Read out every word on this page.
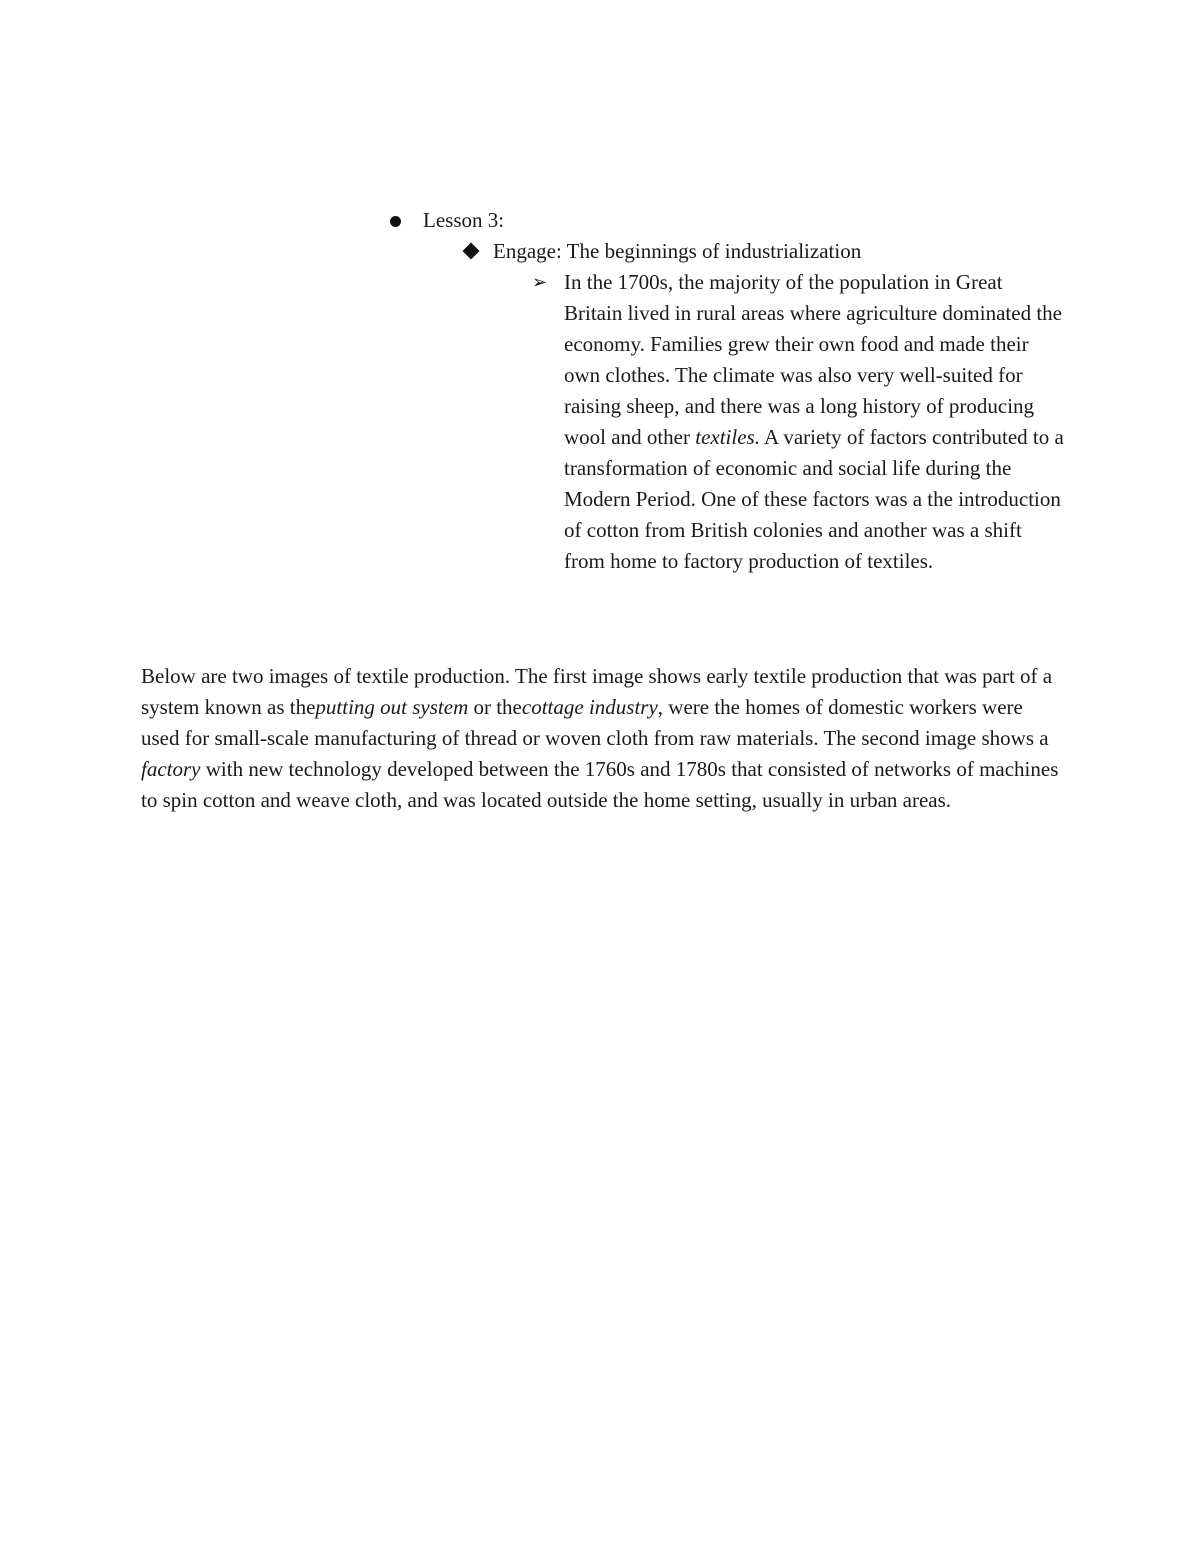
Lesson 3:
Engage: The beginnings of industrialization
➢ In the 1700s, the majority of the population in Great Britain lived in rural areas where agriculture dominated the economy. Families grew their own food and made their own clothes. The climate was also very well-suited for raising sheep, and there was a long history of producing wool and other textiles. A variety of factors contributed to a transformation of economic and social life during the Modern Period. One of these factors was a the introduction of cotton from British colonies and another was a shift from home to factory production of textiles.
Below are two images of textile production. The first image shows early textile production that was part of a system known as theputting out system or thecottage industry, were the homes of domestic workers were used for small-scale manufacturing of thread or woven cloth from raw materials. The second image shows a factory with new technology developed between the 1760s and 1780s that consisted of networks of machines to spin cotton and weave cloth, and was located outside the home setting, usually in urban areas.
